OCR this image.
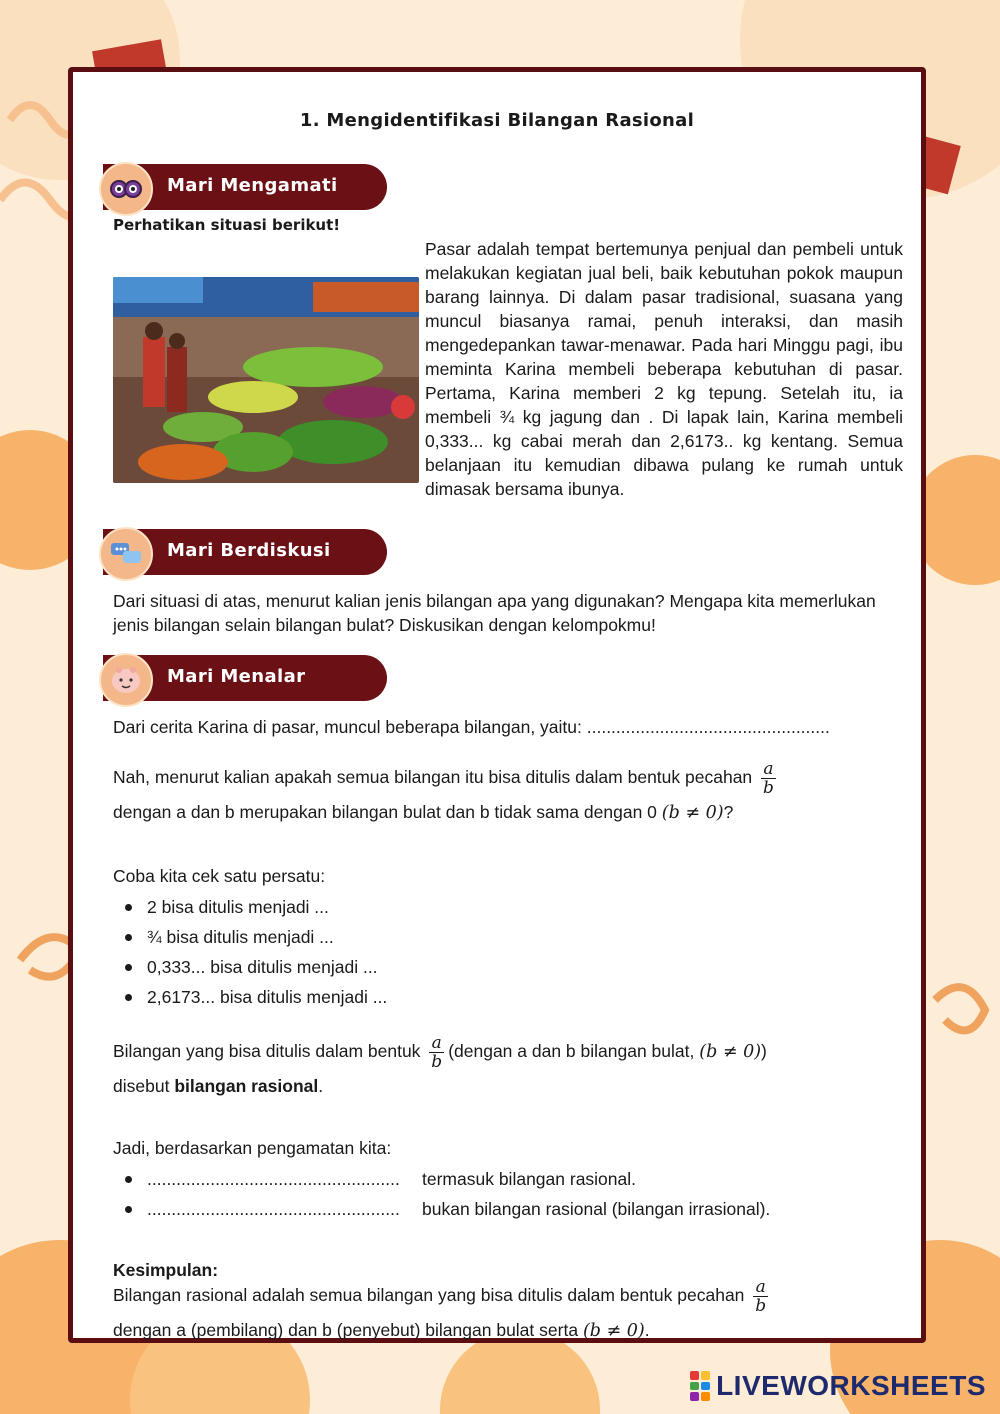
1. Mengidentifikasi Bilangan Rasional
Mari Mengamati
Perhatikan situasi berikut!
Pasar adalah tempat bertemunya penjual dan pembeli untuk melakukan kegiatan jual beli, baik kebutuhan pokok maupun barang lainnya. Di dalam pasar tradisional, suasana yang muncul biasanya ramai, penuh interaksi, dan masih mengedepankan tawar-menawar. Pada hari Minggu pagi, ibu meminta Karina membeli beberapa kebutuhan di pasar. Pertama, Karina memberi 2 kg tepung. Setelah itu, ia membeli ¾ kg jagung dan . Di lapak lain, Karina membeli 0,333... kg cabai merah dan 2,6173.. kg kentang. Semua belanjaan itu kemudian dibawa pulang ke rumah untuk dimasak bersama ibunya.
Mari Berdiskusi
Dari situasi di atas, menurut kalian jenis bilangan apa yang digunakan? Mengapa kita memerlukan jenis bilangan selain bilangan bulat? Diskusikan dengan kelompokmu!
Mari Menalar
Dari cerita Karina di pasar, muncul beberapa bilangan, yaitu: ..................................................
Nah, menurut kalian apakah semua bilangan itu bisa ditulis dalam bentuk pecahan $\frac{a}{b}$

dengan a dan b merupakan bilangan bulat dan b tidak sama dengan 0 (b ≠ 0)?
Coba kita cek satu persatu:
2 bisa ditulis menjadi ...
¾ bisa ditulis menjadi ...
0,333... bisa ditulis menjadi ...
2,6173... bisa ditulis menjadi ...
Bilangan yang bisa ditulis dalam bentuk $\frac{a}{b}$ (dengan a dan b bilangan bulat, (b ≠ 0))
disebut bilangan rasional.
Jadi, berdasarkan pengamatan kita:
....................................................	termasuk bilangan rasional.
....................................................	bukan bilangan rasional (bilangan irrasional).
Kesimpulan:
Bilangan rasional adalah semua bilangan yang bisa ditulis dalam bentuk pecahan $\frac{a}{b}$

dengan a (pembilang) dan b (penyebut) bilangan bulat serta (b ≠ 0).
LIVEWORKSHEETS
